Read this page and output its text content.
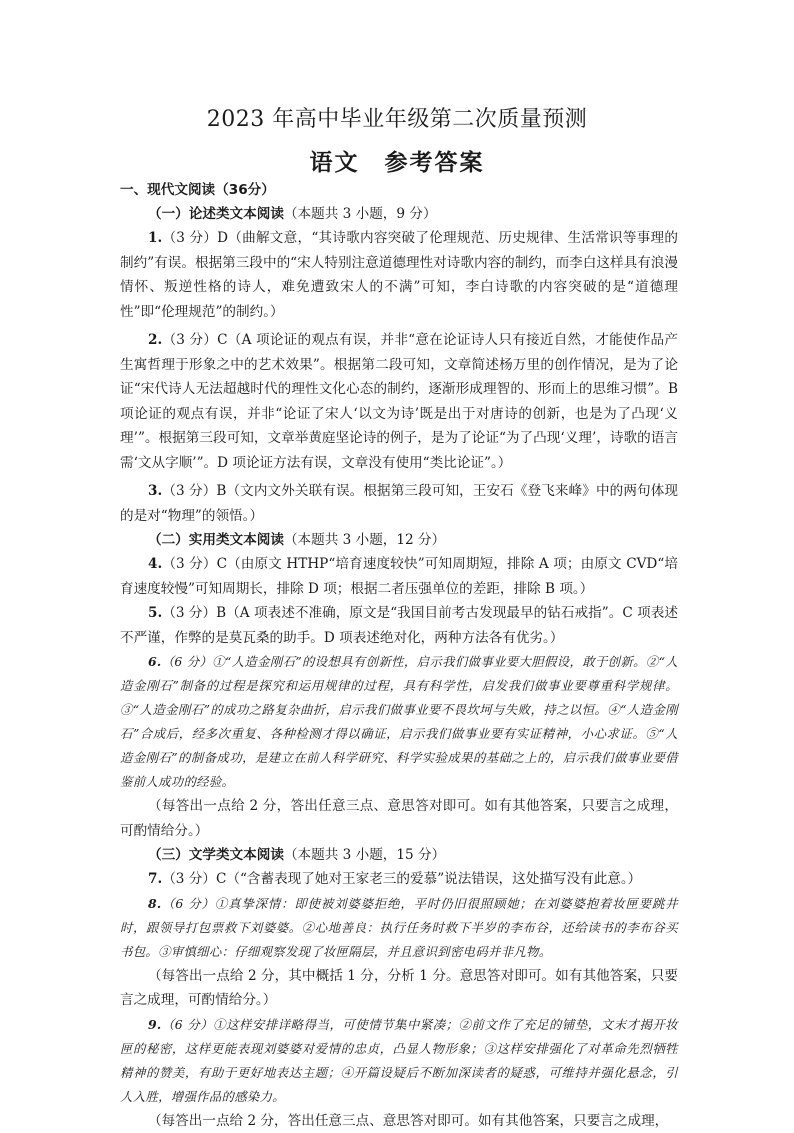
2023 年高中毕业年级第二次质量预测
语文　参考答案
一、现代文阅读（36分）
（一）论述类文本阅读（本题共 3 小题，9 分）

1.（3 分）D（曲解文意，“其诗歌内容突破了伦理规范、历史规律、生活常识等事理的制约”有误。根据第三段中的“宋人特别注意道德理性对诗歌内容的制约，而李白这样具有浪漫情怀、叛逆性格的诗人，难免遭致宋人的不满”可知，李白诗歌的内容突破的是“道德理性”即“伦理规范”的制约。）

2.（3 分）C（A 项论证的观点有误，并非“意在论证诗人只有接近自然，才能使作品产生寓哲理于形象之中的艺术效果”。根据第二段可知，文章简述杨万里的创作情况，是为了论证“宋代诗人无法超越时代的理性文化心态的制约，逐渐形成理智的、形而上的思维习惯”。B 项论证的观点有误，并非“论证了宋人‘以文为诗’既是出于对唐诗的创新，也是为了凸现‘义理’”。根据第三段可知，文章举黄庭坚论诗的例子，是为了论证“为了凸现‘义理’，诗歌的语言需‘文从字顺’”。D 项论证方法有误，文章没有使用“类比论证”。）

3.（3 分）B（文内文外关联有误。根据第三段可知，王安石《登飞来峰》中的两句体现的是对“物理”的领悟。）

（二）实用类文本阅读（本题共 3 小题，12 分）

4.（3 分）C（由原文 HTHP“培育速度较快”可知周期短，排除 A 项；由原文 CVD“培育速度较慢”可知周期长，排除 D 项；根据二者压强单位的差距，排除 B 项。）

5.（3 分）B（A 项表述不准确，原文是“我国目前考古发现最早的钻石戒指”。C 项表述不严谨，作弊的是莫瓦桑的助手。D 项表述绝对化，两种方法各有优劣。）

6.（6 分）①“人造金刚石”的设想具有创新性，启示我们做事业要大胆假设，敢于创新。②“人造金刚石”制备的过程是探究和运用规律的过程，具有科学性，启发我们做事业要尊重科学规律。③“人造金刚石”的成功之路复杂曲折，启示我们做事业要不畏坎坷与失败，持之以恒。④“人造金刚石”合成后，经多次重复、各种检测才得以确证，启示我们做事业要有实证精神，小心求证。⑤“人造金刚石”的制备成功，是建立在前人科学研究、科学实验成果的基础之上的，启示我们做事业要借鉴前人成功的经验。

（每答出一点给 2 分，答出任意三点、意思答对即可。如有其他答案，只要言之成理，可酌情给分。）

（三）文学类文本阅读（本题共 3 小题，15 分）

7.（3 分）C（“含蓄表现了她对王家老三的爱慕”说法错误，这处描写没有此意。）

8.（6 分）①真挚深情：即使被刘婆婆拒绝，平时仍旧很照顾她；在刘婆婆抱着妆匣要跳井时，跟领导打包票救下刘婆婆。②心地善良：执行任务时救下半岁的李布谷，还给读书的李布谷买书包。③审慎细心：仔细观察发现了妆匣隔层，并且意识到密电码并非凡物。

（每答出一点给 2 分，其中概括 1 分，分析 1 分。意思答对即可。如有其他答案，只要言之成理，可酌情给分。）

9.（6 分）①这样安排详略得当，可使情节集中紧凑；②前文作了充足的铺垫，文末才揭开妆匣的秘密，这样更能表现刘婆婆对爱情的忠贞，凸显人物形象；③这样安排强化了对革命先烈牺牲精神的赞美，有助于更好地表达主题；④开篇设疑后不断加深读者的疑惑，可维持并强化悬念，引人入胜，增强作品的感染力。

（每答出一点给 2 分，答出任意三点、意思答对即可。如有其他答案，只要言之成理，
